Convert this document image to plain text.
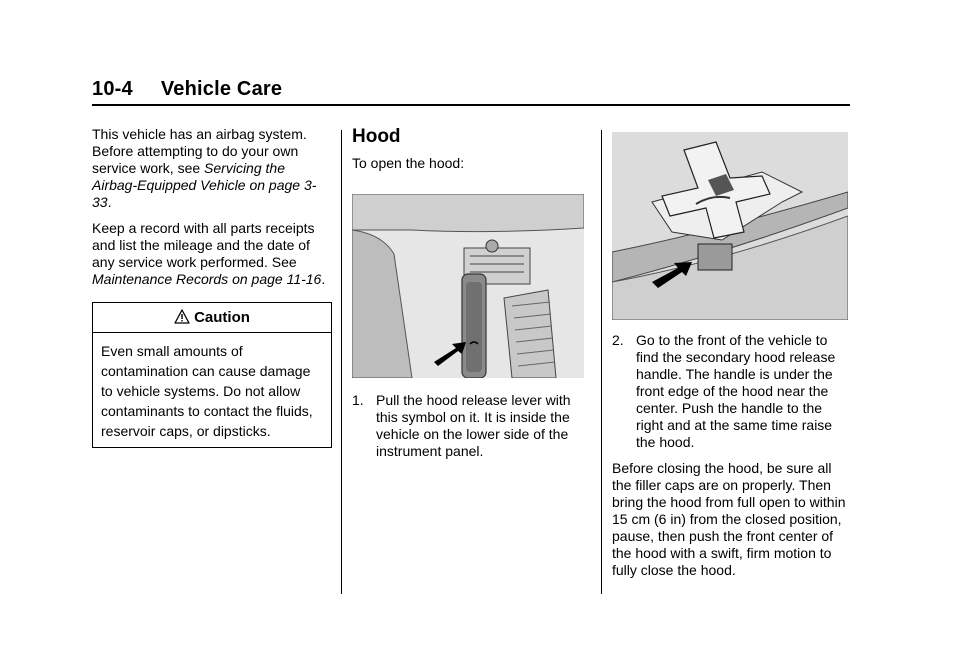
10-4 Vehicle Care

This vehicle has an airbag system. Before attempting to do your own service work, see Servicing the Airbag-Equipped Vehicle on page 3-33.

Keep a record with all parts receipts and list the mileage and the date of any service work performed. See Maintenance Records on page 11-16.

Caution
Even small amounts of contamination can cause damage to vehicle systems. Do not allow contaminants to contact the fluids, reservoir caps, or dipsticks.
Hood

To open the hood:

1. Pull the hood release lever with this symbol on it. It is inside the vehicle on the lower side of the instrument panel.
2. Go to the front of the vehicle to find the secondary hood release handle. The handle is under the front edge of the hood near the center. Push the handle to the right and at the same time raise the hood.

Before closing the hood, be sure all the filler caps are on properly. Then bring the hood from full open to within 15 cm (6 in) from the closed position, pause, then push the front center of the hood with a swift, firm motion to fully close the hood.
